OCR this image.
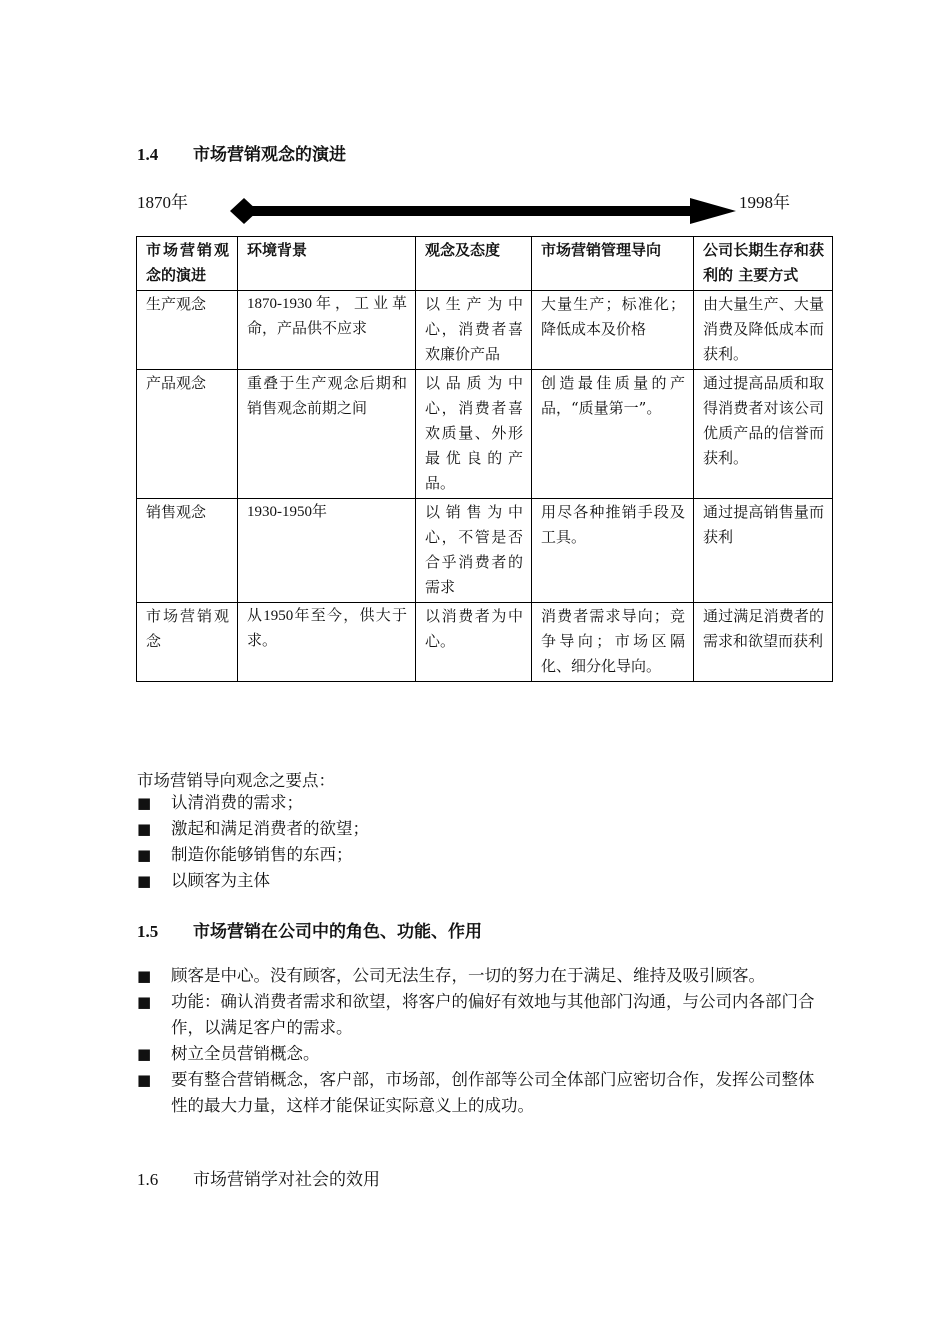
1.4 市场营销观念的演进
1870年	1998年
市场营销观念的演进	环境背景	观念及态度	市场营销管理导向	公司长期生存和获利的 主要方式
生产观念	1870-1930年，工业革命，产品供不应求	以生产为中心，消费者喜欢廉价产品	大量生产；标准化；降低成本及价格	由大量生产、大量消费及降低成本而获利。
产品观念	重叠于生产观念后期和销售观念前期之间	以品质为中心，消费者喜欢质量、外形最优良的产品。	创造最佳质量的产品，“质量第一”。	通过提高品质和取得消费者对该公司优质产品的信誉而获利。
销售观念	1930-1950年	以销售为中心，不管是否合乎消费者的需求	用尽各种推销手段及工具。	通过提高销售量而获利
市场营销观念	从1950年至今，供大于求。	以消费者为中心。	消费者需求导向；竞争导向；市场区隔化、细分化导向。	通过满足消费者的需求和欲望而获利
市场营销导向观念之要点：
■ 认清消费的需求；
■ 激起和满足消费者的欲望；
■ 制造你能够销售的东西；
■ 以顾客为主体
1.5 市场营销在公司中的角色、功能、作用
■ 顾客是中心。没有顾客，公司无法生存，一切的努力在于满足、维持及吸引顾客。
■ 功能：确认消费者需求和欲望，将客户的偏好有效地与其他部门沟通，与公司内各部门合作，以满足客户的需求。
■ 树立全员营销概念。
■ 要有整合营销概念，客户部，市场部，创作部等公司全体部门应密切合作，发挥公司整体性的最大力量，这样才能保证实际意义上的成功。
1.6 市场营销学对社会的效用
